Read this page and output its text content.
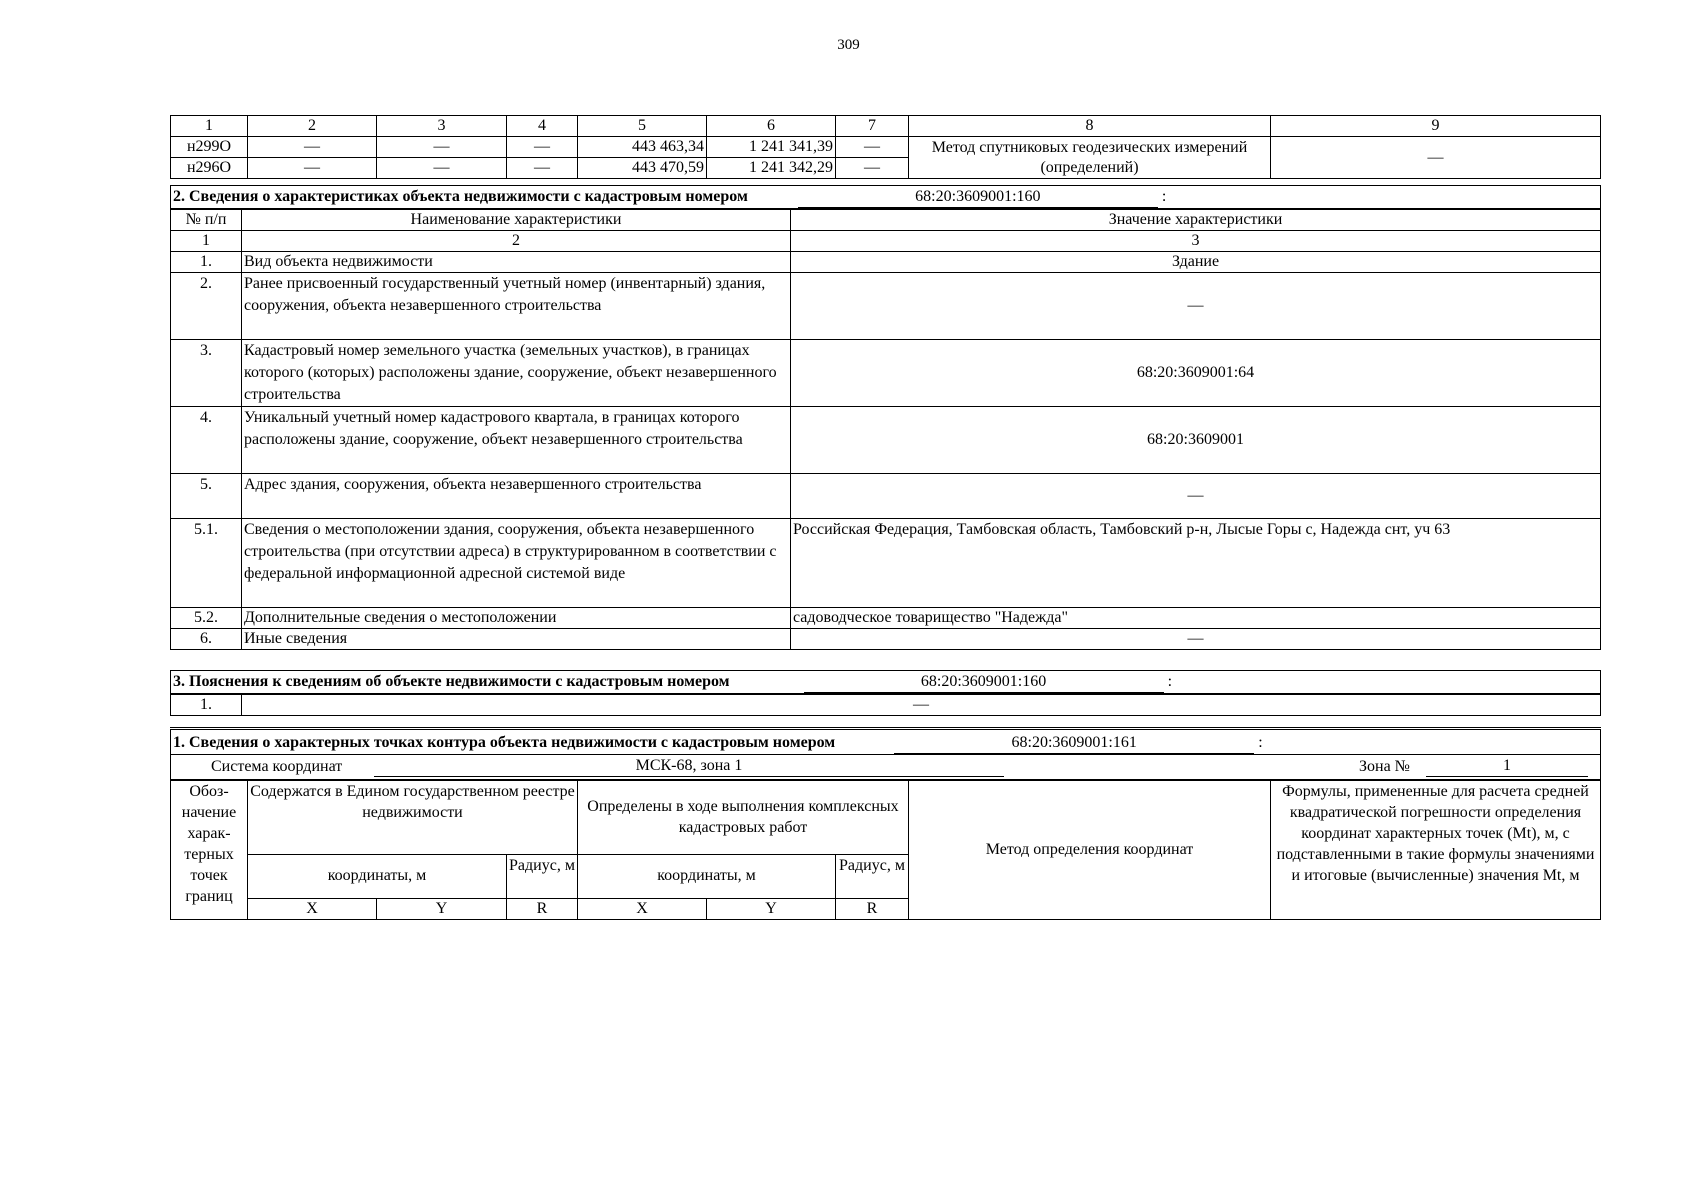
309
1	2	3	4	5	6	7	8	9
н299О	—	—	—	443 463,34	1 241 341,39	—	Метод спутниковых геодезических измерений (определений)	—
н296О	—	—	—	443 470,59	1 241 342,29	—		
2. Сведения о характеристиках объекта недвижимости с кадастровым номером 68:20:3609001:160 :		
№ п/п	Наименование характеристики	Значение характеристики
1	2	3
1.	Вид объекта недвижимости	Здание
2.	Ранее присвоенный государственный учетный номер (инвентарный) здания, сооружения, объекта незавершенного строительства	—
3.	Кадастровый номер земельного участка (земельных участков), в границах которого (которых) расположены здание, сооружение, объект незавершенного строительства	68:20:3609001:64
4.	Уникальный учетный номер кадастрового квартала, в границах которого расположены здание, сооружение, объект незавершенного строительства	68:20:3609001
5.	Адрес здания, сооружения, объекта незавершенного строительства	—
5.1.	Сведения о местоположении здания, сооружения, объекта незавершенного строительства (при отсутствии адреса) в структурированном в соответствии с федеральной информационной адресной системой виде	Российская Федерация, Тамбовская область, Тамбовский р-н, Лысые Горы с, Надежда снт, уч 63
5.2.	Дополнительные сведения о местоположении	садоводческое товарищество "Надежда"
6.	Иные сведения	—
3. Пояснения к сведениям об объекте недвижимости с кадастровым номером	68:20:3609001:160	:
1.	—
1. Сведения о характерных точках контура объекта недвижимости с кадастровым номером 68:20:3609001:161 :								

Система координат МСК-68, зона 1 Зона № 1								

Обоз-начение харак-терных точек границ	Содержатся в Едином государственном реестре недвижимости			Определены в ходе выполнения комплексных кадастровых работ			Метод определения координат	Формулы, примененные для расчета средней квадратической погрешности определения координат характерных точек (Mt), м, с подставленными в такие формулы значениями и итоговые (вычисленные) значения Mt, м
	координаты, м		Радиус, м	координаты, м		Радиус, м		
	X	Y	R	X	Y	R		
